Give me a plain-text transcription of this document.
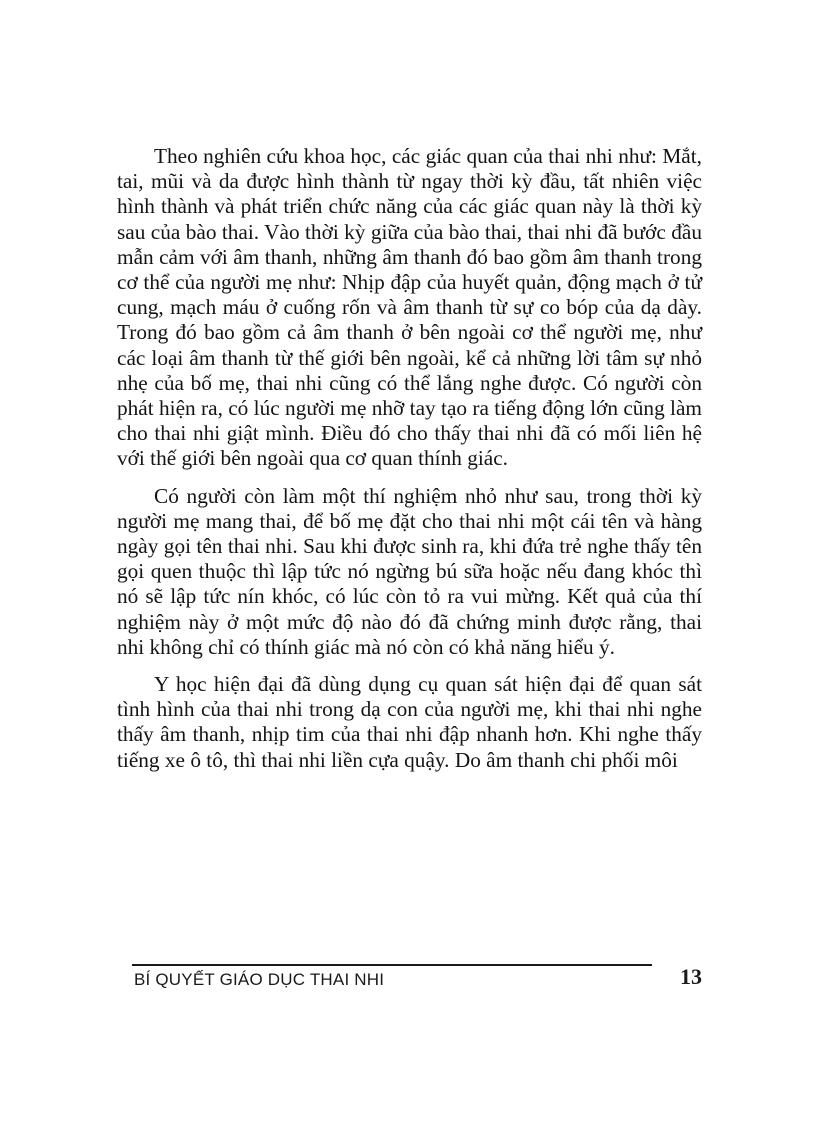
Theo nghiên cứu khoa học, các giác quan của thai nhi như: Mắt, tai, mũi và da được hình thành từ ngay thời kỳ đầu, tất nhiên việc hình thành và phát triển chức năng của các giác quan này là thời kỳ sau của bào thai. Vào thời kỳ giữa của bào thai, thai nhi đã bước đầu mẫn cảm với âm thanh, những âm thanh đó bao gồm âm thanh trong cơ thể của người mẹ như: Nhịp đập của huyết quản, động mạch ở tử cung, mạch máu ở cuống rốn và âm thanh từ sự co bóp của dạ dày. Trong đó bao gồm cả âm thanh ở bên ngoài cơ thể người mẹ, như các loại âm thanh từ thế giới bên ngoài, kể cả những lời tâm sự nhỏ nhẹ của bố mẹ, thai nhi cũng có thể lắng nghe được. Có người còn phát hiện ra, có lúc người mẹ nhỡ tay tạo ra tiếng động lớn cũng làm cho thai nhi giật mình. Điều đó cho thấy thai nhi đã có mối liên hệ với thế giới bên ngoài qua cơ quan thính giác.

Có người còn làm một thí nghiệm nhỏ như sau, trong thời kỳ người mẹ mang thai, để bố mẹ đặt cho thai nhi một cái tên và hàng ngày gọi tên thai nhi. Sau khi được sinh ra, khi đứa trẻ nghe thấy tên gọi quen thuộc thì lập tức nó ngừng bú sữa hoặc nếu đang khóc thì nó sẽ lập tức nín khóc, có lúc còn tỏ ra vui mừng. Kết quả của thí nghiệm này ở một mức độ nào đó đã chứng minh được rằng, thai nhi không chỉ có thính giác mà nó còn có khả năng hiểu ý.

Y học hiện đại đã dùng dụng cụ quan sát hiện đại để quan sát tình hình của thai nhi trong dạ con của người mẹ, khi thai nhi nghe thấy âm thanh, nhịp tim của thai nhi đập nhanh hơn. Khi nghe thấy tiếng xe ô tô, thì thai nhi liền cựa quậy. Do âm thanh chi phối môi

BÍ QUYẾT GIÁO DỤC THAI NHI	13
